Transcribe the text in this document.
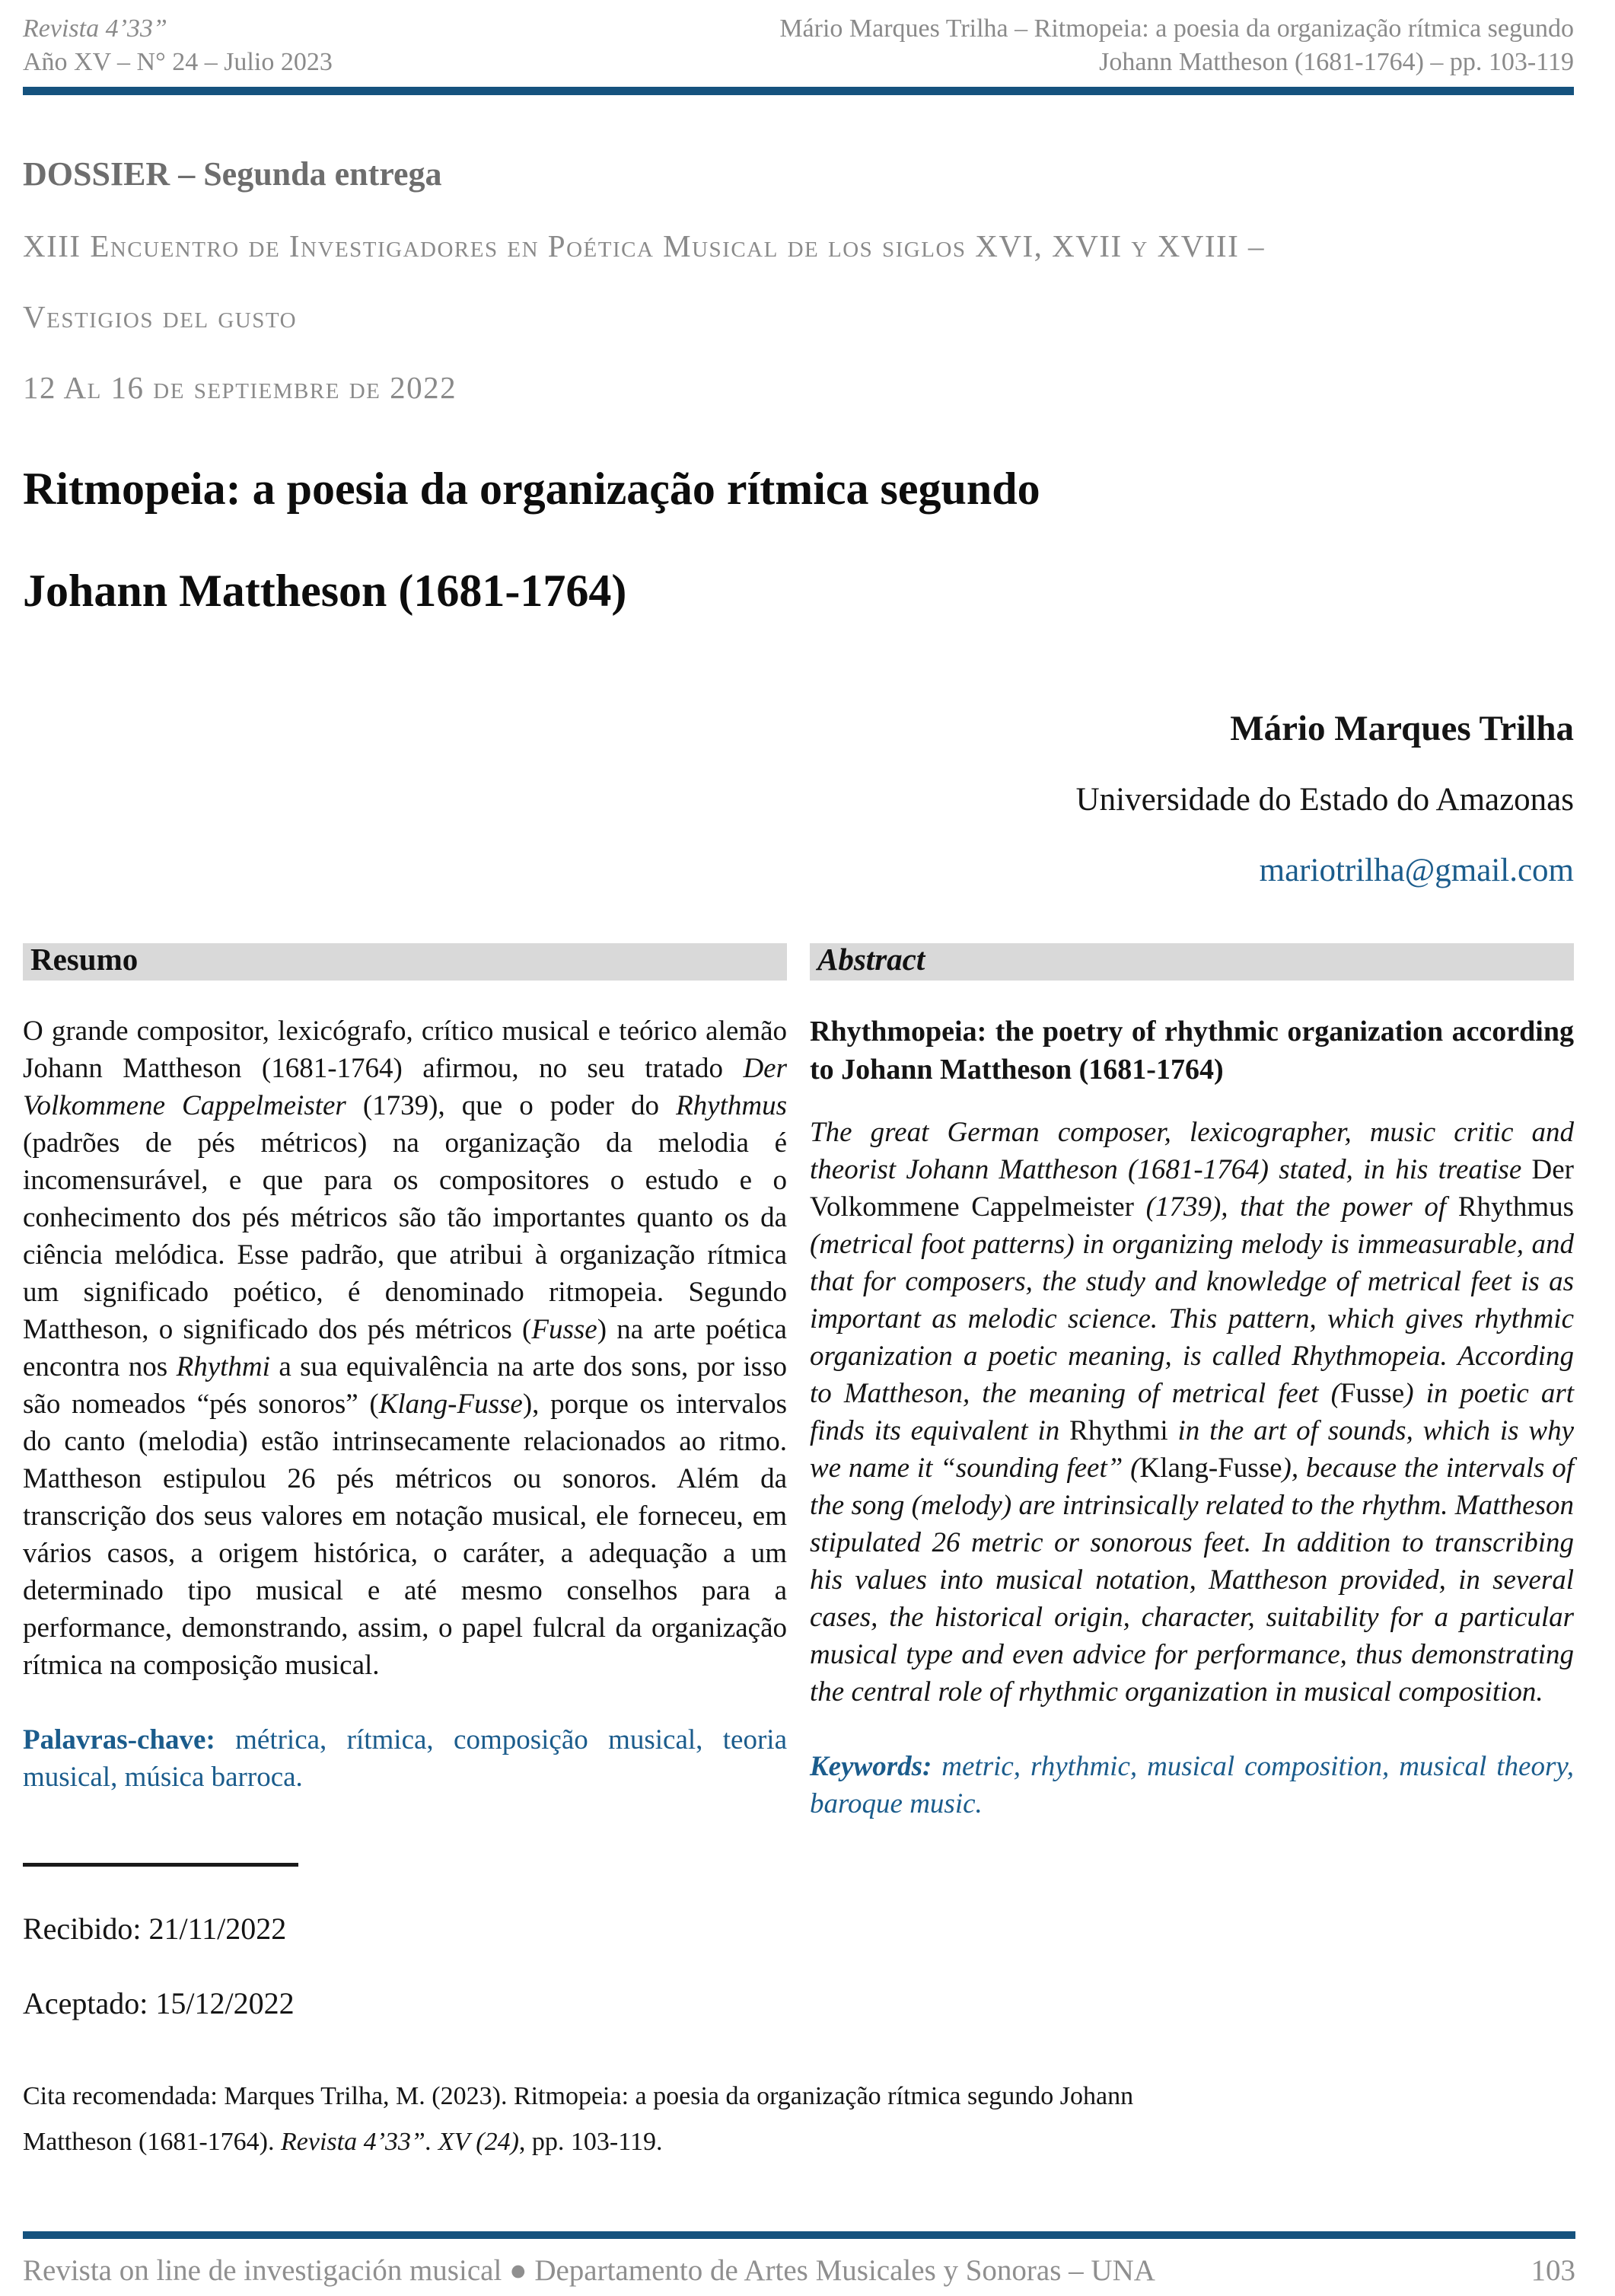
Revista 4’33”
Año XV – N° 24 – Julio 2023
Mário Marques Trilha – Ritmopeia: a poesia da organização rítmica segundo
Johann Mattheson (1681-1764) – pp. 103-119
DOSSIER – Segunda entrega
XIII Encuentro de Investigadores en Poética Musical de los siglos XVI, XVII y XVIII –
Vestigios del gusto
12 Al 16 de septiembre de 2022
Ritmopeia: a poesia da organização rítmica segundo
Johann Mattheson (1681-1764)
Mário Marques Trilha
Universidade do Estado do Amazonas
mariotrilha@gmail.com
Resumo
O grande compositor, lexicógrafo, crítico musical e teórico alemão Johann Mattheson (1681-1764) afirmou, no seu tratado Der Volkommene Cappelmeister (1739), que o poder do Rhythmus (padrões de pés métricos) na organização da melodia é incomensurável, e que para os compositores o estudo e o conhecimento dos pés métricos são tão importantes quanto os da ciência melódica. Esse padrão, que atribui à organização rítmica um significado poético, é denominado ritmopeia. Segundo Mattheson, o significado dos pés métricos (Fusse) na arte poética encontra nos Rhythmi a sua equivalência na arte dos sons, por isso são nomeados “pés sonoros” (Klang-Fusse), porque os intervalos do canto (melodia) estão intrinsecamente relacionados ao ritmo. Mattheson estipulou 26 pés métricos ou sonoros. Além da transcrição dos seus valores em notação musical, ele forneceu, em vários casos, a origem histórica, o caráter, a adequação a um determinado tipo musical e até mesmo conselhos para a performance, demonstrando, assim, o papel fulcral da organização rítmica na composição musical.
Palavras-chave: métrica, rítmica, composição musical, teoria musical, música barroca.
Recibido: 21/11/2022
Aceptado: 15/12/2022
Abstract
Rhythmopeia: the poetry of rhythmic organization according to Johann Mattheson (1681-1764)
The great German composer, lexicographer, music critic and theorist Johann Mattheson (1681-1764) stated, in his treatise Der Volkommene Cappelmeister (1739), that the power of Rhythmus (metrical foot patterns) in organizing melody is immeasurable, and that for composers, the study and knowledge of metrical feet is as important as melodic science. This pattern, which gives rhythmic organization a poetic meaning, is called Rhythmopeia. According to Mattheson, the meaning of metrical feet (Fusse) in poetic art finds its equivalent in Rhythmi in the art of sounds, which is why we name it “sounding feet” (Klang-Fusse), because the intervals of the song (melody) are intrinsically related to the rhythm. Mattheson stipulated 26 metric or sonorous feet. In addition to transcribing his values into musical notation, Mattheson provided, in several cases, the historical origin, character, suitability for a particular musical type and even advice for performance, thus demonstrating the central role of rhythmic organization in musical composition.
Keywords: metric, rhythmic, musical composition, musical theory, baroque music.
Cita recomendada: Marques Trilha, M. (2023). Ritmopeia: a poesia da organização rítmica segundo Johann Mattheson (1681-1764). Revista 4’33”. XV (24), pp. 103-119.
Revista on line de investigación musical ● Departamento de Artes Musicales y Sonoras – UNA	103
